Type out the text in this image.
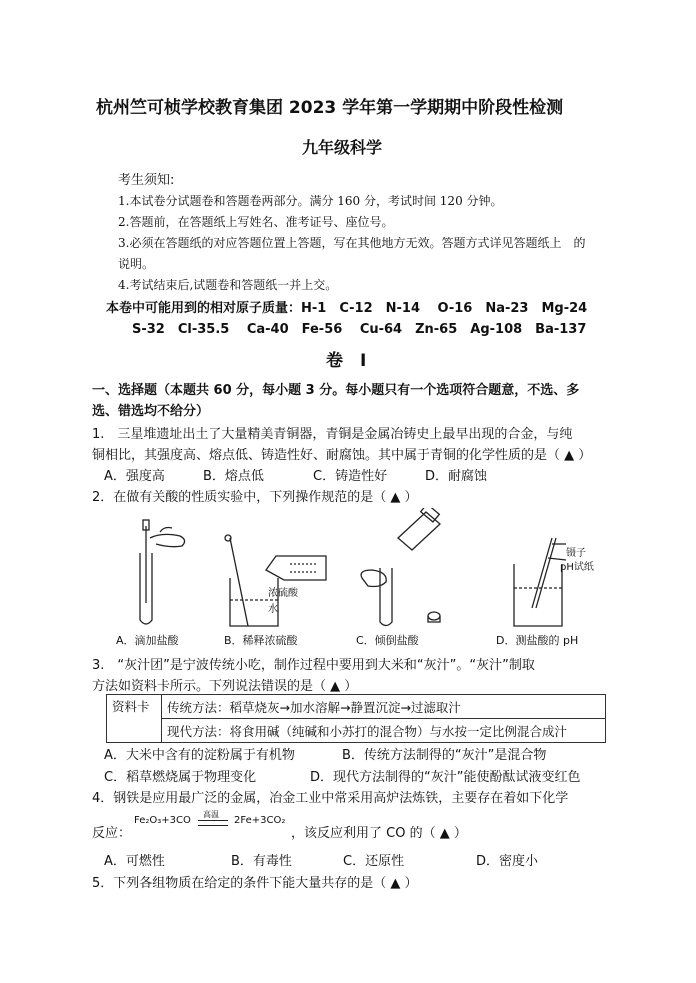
杭州竺可桢学校教育集团 2023 学年第一学期期中阶段性检测
九年级科学
考生须知:
1.本试卷分试题卷和答题卷两部分。满分 160 分，考试时间 120 分钟。
2.答题前，在答题纸上写姓名、准考证号、座位号。
3.必须在答题纸的对应答题位置上答题，写在其他地方无效。答题方式详见答题纸上　的
说明。
4.考试结束后,试题卷和答题纸一并上交。
本卷中可能用到的相对原子质量：H-1　C-12　N-14　 O-16　Na-23　Mg-24
S-32　Cl-35.5　 Ca-40　Fe-56　 Cu-64　Zn-65　Ag-108　Ba-137
卷　Ⅰ
一、选择题（本题共 60 分，每小题 3 分。每小题只有一个选项符合题意，不选、多
选、错选均不给分）
1.　三星堆遗址出土了大量精美青铜器，青铜是金属冶铸史上最早出现的合金，与纯
铜相比，其强度高、熔点低、铸造性好、耐腐蚀。其中属于青铜的化学性质的是（ ▲ ）
A．强度高	B．熔点低	C．铸造性好	D．耐腐蚀
2．在做有关酸的性质实验中，下列操作规范的是（ ▲ ）
浓硫酸
水
镊子
pH试纸
A．滴加盐酸	B．稀释浓硫酸	C．倾倒盐酸	D．测盐酸的 pH
3.　“灰汁团”是宁波传统小吃，制作过程中要用到大米和“灰汁”。“灰汁”制取
方法如资料卡所示。下列说法错误的是（ ▲ ）
资料卡	传统方法：稻草烧灰→加水溶解→静置沉淀→过滤取汁
现代方法：将食用碱（纯碱和小苏打的混合物）与水按一定比例混合成汁
A．大米中含有的淀粉属于有机物	B．传统方法制得的“灰汁”是混合物
C．稻草燃烧属于物理变化	D．现代方法制得的“灰汁”能使酚酞试液变红色
4．钢铁是应用最广泛的金属，冶金工业中常采用高炉法炼铁，主要存在着如下化学
反应：
Fe₂O₃+3CO
高温
2Fe+3CO₂
，该反应利用了 CO 的（ ▲ ）
A．可燃性	B．有毒性	C．还原性	D．密度小
5．下列各组物质在给定的条件下能大量共存的是（ ▲ ）
